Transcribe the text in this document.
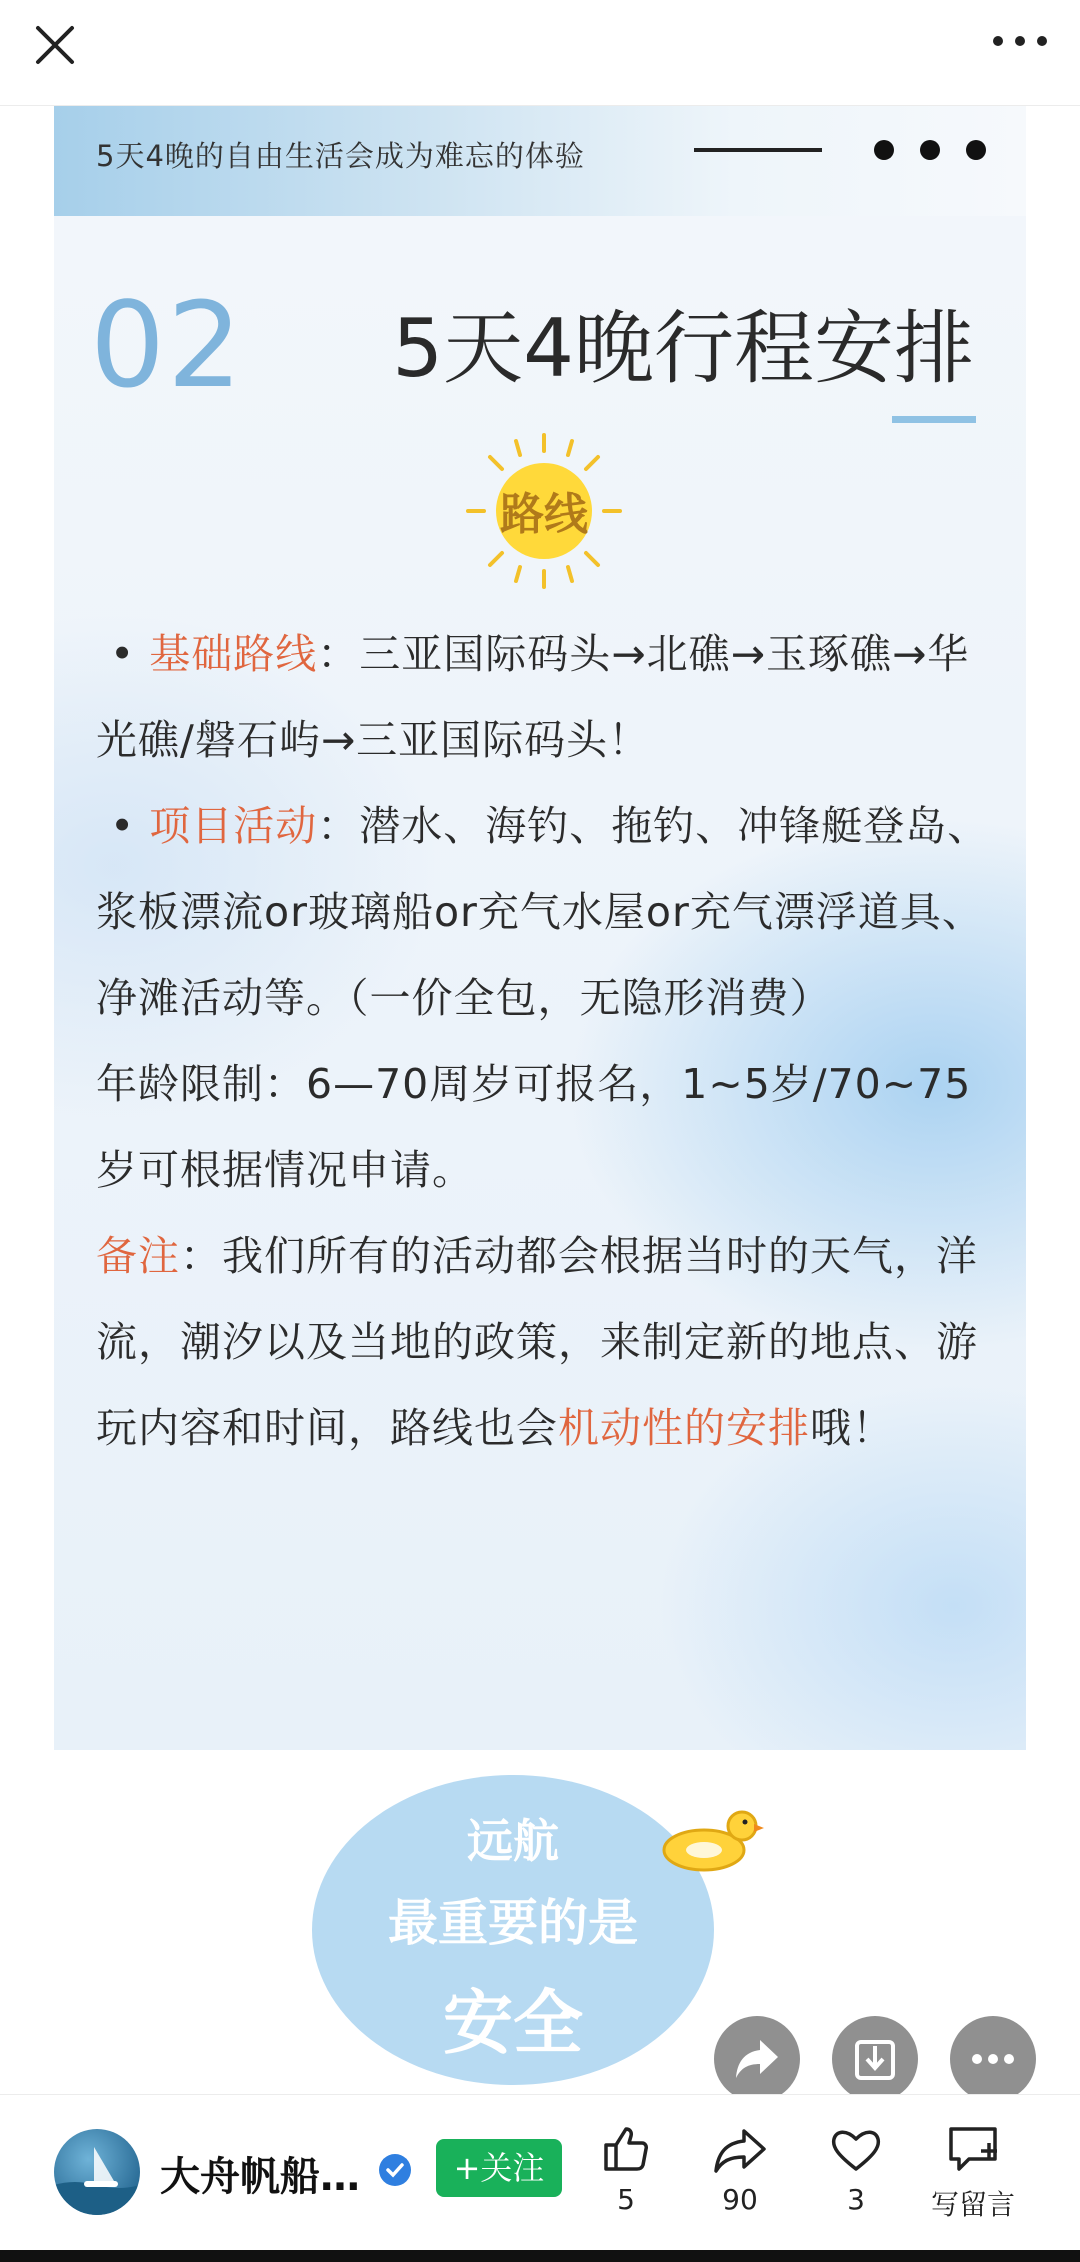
5天4晚的自由生活会成为难忘的体验
02 5天4晚行程安排
路线

• 基础路线：三亚国际码头→北礁→玉琢礁→华光礁/磐石屿→三亚国际码头！

• 项目活动：潜水、海钓、拖钓、冲锋艇登岛、浆板漂流or玻璃船or充气水屋or充气漂浮道具、净滩活动等。（一价全包，无隐形消费）

年龄限制：6—70周岁可报名，1~5岁/70~75岁可根据情况申请。

备注：我们所有的活动都会根据当时的天气，洋流，潮汐以及当地的政策，来制定新的地点、游玩内容和时间，路线也会机动性的安排哦！

远航
最重要的是
安全
大舟帆船…	+关注
5	90	3	写留言
